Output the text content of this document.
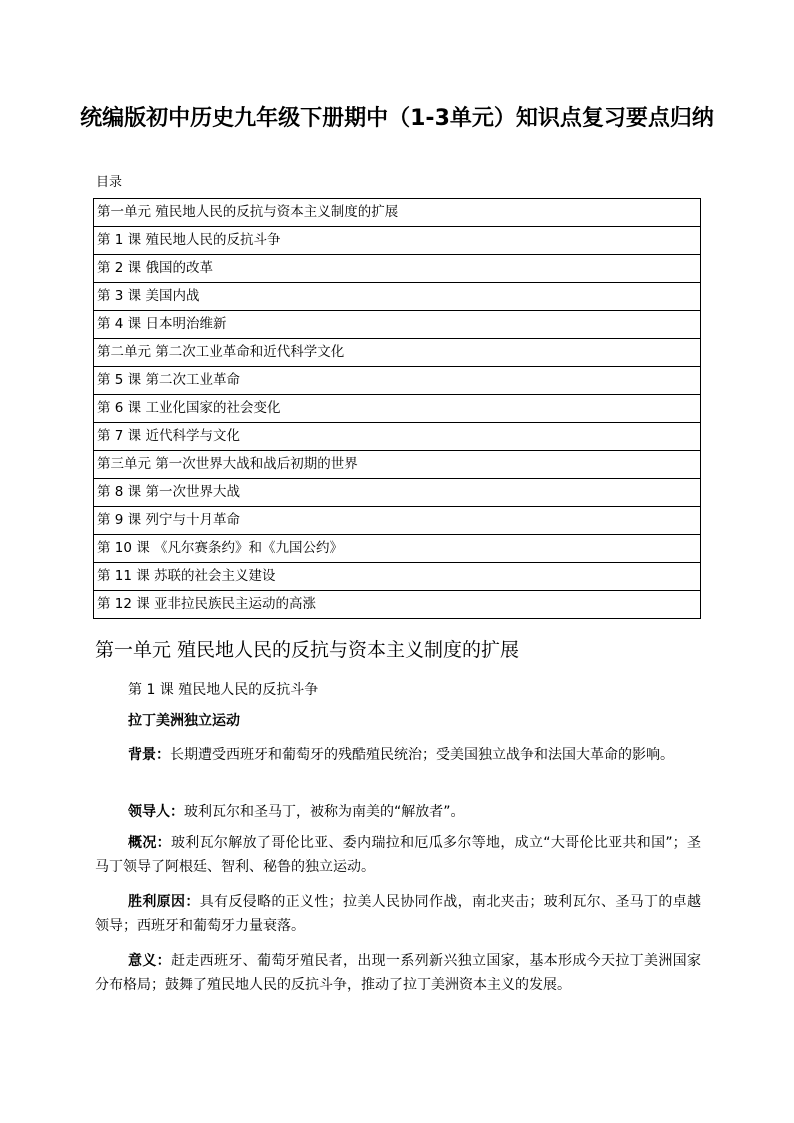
统编版初中历史九年级下册期中（1-3单元）知识点复习要点归纳
目录
第一单元 殖民地人民的反抗与资本主义制度的扩展
第 1 课 殖民地人民的反抗斗争
第 2 课 俄国的改革
第 3 课 美国内战
第 4 课 日本明治维新
第二单元 第二次工业革命和近代科学文化
第 5 课 第二次工业革命
第 6 课 工业化国家的社会变化
第 7 课 近代科学与文化
第三单元 第一次世界大战和战后初期的世界
第 8 课 第一次世界大战
第 9 课 列宁与十月革命
第 10 课 《凡尔赛条约》和《九国公约》
第 11 课 苏联的社会主义建设
第 12 课 亚非拉民族民主运动的高涨
第一单元 殖民地人民的反抗与资本主义制度的扩展
第 1 课 殖民地人民的反抗斗争
拉丁美洲独立运动

背景：长期遭受西班牙和葡萄牙的残酷殖民统治；受美国独立战争和法国大革命的影响。

领导人：玻利瓦尔和圣马丁，被称为南美的“解放者”。

概况：玻利瓦尔解放了哥伦比亚、委内瑞拉和厄瓜多尔等地，成立“大哥伦比亚共和国”；圣马丁领导了阿根廷、智利、秘鲁的独立运动。

胜利原因：具有反侵略的正义性；拉美人民协同作战，南北夹击；玻利瓦尔、圣马丁的卓越领导；西班牙和葡萄牙力量衰落。

意义：赶走西班牙、葡萄牙殖民者，出现一系列新兴独立国家，基本形成今天拉丁美洲国家分布格局；鼓舞了殖民地人民的反抗斗争，推动了拉丁美洲资本主义的发展。
